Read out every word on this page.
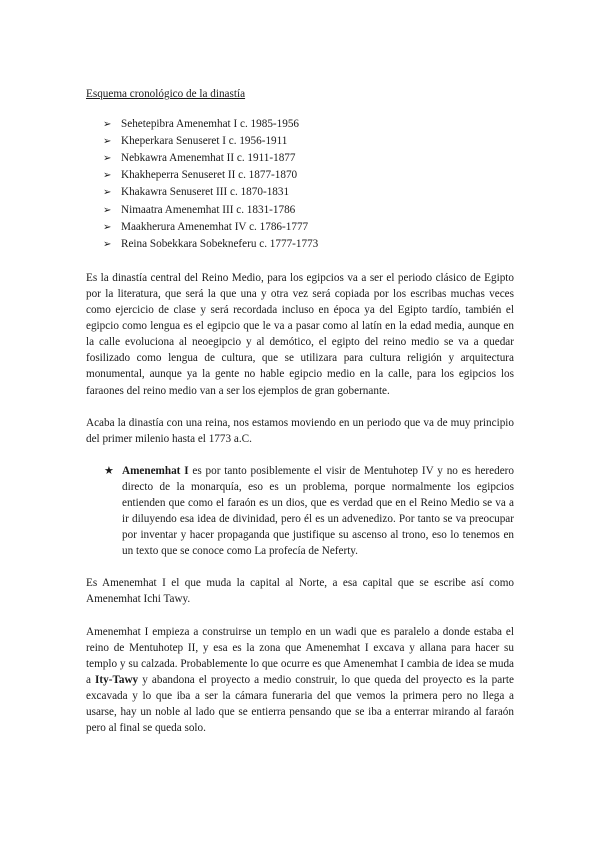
Esquema cronológico de la dinastía
➢ Sehetepibra Amenemhat I c. 1985-1956
➢ Kheperkara Senuseret I c. 1956-1911
➢ Nebkawra Amenemhat II c. 1911-1877
➢ Khakheperra Senuseret II c. 1877-1870
➢ Khakawra Senuseret III c. 1870-1831
➢ Nimaatra Amenemhat III c. 1831-1786
➢ Maakherura Amenemhat IV c. 1786-1777
➢ Reina Sobekkara Sobekneferu c. 1777-1773

Es la dinastía central del Reino Medio, para los egipcios va a ser el periodo clásico de Egipto por la literatura, que será la que una y otra vez será copiada por los escribas muchas veces como ejercicio de clase y será recordada incluso en época ya del Egipto tardío, también el egipcio como lengua es el egipcio que le va a pasar como al latín en la edad media, aunque en la calle evoluciona al neoegipcio y al demótico, el egipto del reino medio se va a quedar fosilizado como lengua de cultura, que se utilizara para cultura religión y arquitectura monumental, aunque ya la gente no hable egipcio medio en la calle, para los egipcios los faraones del reino medio van a ser los ejemplos de gran gobernante.

Acaba la dinastía con una reina, nos estamos moviendo en un periodo que va de muy principio del primer milenio hasta el 1773 a.C.

★ Amenemhat I es por tanto posiblemente el visir de Mentuhotep IV y no es heredero directo de la monarquía, eso es un problema, porque normalmente los egipcios entienden que como el faraón es un dios, que es verdad que en el Reino Medio se va a ir diluyendo esa idea de divinidad, pero él es un advenedizo. Por tanto se va preocupar por inventar y hacer propaganda que justifique su ascenso al trono, eso lo tenemos en un texto que se conoce como La profecía de Neferty.

Es Amenemhat I el que muda la capital al Norte, a esa capital que se escribe así como Amenemhat Ichi Tawy.

Amenemhat I empieza a construirse un templo en un wadi que es paralelo a donde estaba el reino de Mentuhotep II, y esa es la zona que Amenemhat I excava y allana para hacer su templo y su calzada. Probablemente lo que ocurre es que Amenemhat I cambia de idea se muda a Ity-Tawy y abandona el proyecto a medio construir, lo que queda del proyecto es la parte excavada y lo que iba a ser la cámara funeraria del que vemos la primera pero no llega a usarse, hay un noble al lado que se entierra pensando que se iba a enterrar mirando al faraón pero al final se queda solo.
